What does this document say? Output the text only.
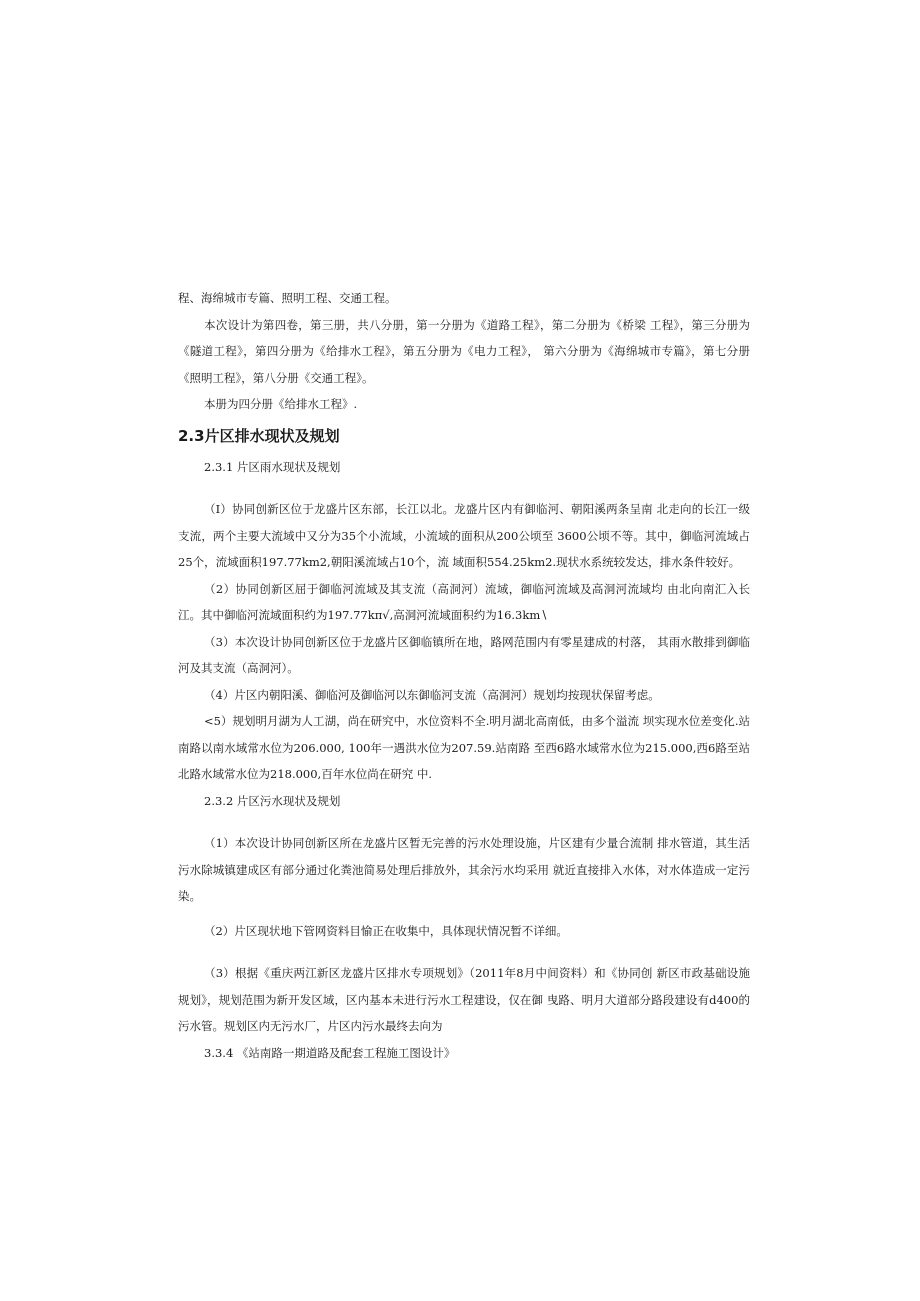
程、海绵城市专篇、照明工程、交通工程。

本次设计为第四卷，第三册，共八分册，第一分册为《道路工程》，第二分册为《桥梁 工程》，第三分册为《隧道工程》，第四分册为《给排水工程》，第五分册为《电力工程》， 第六分册为《海绵城市专篇》，第七分册《照明工程》，第八分册《交通工程》。

本册为四分册《给排水工程》.

2.3片区排水现状及规划
2.3.1 片区雨水现状及规划

（I）协同创新区位于龙盛片区东部，长江以北。龙盛片区内有御临河、朝阳溪两条呈南 北走向的长江一级支流，两个主要大流域中又分为35个小流域，小流域的面积从200公顷至 3600公顷不等。其中，御临河流域占25个，流域面积197.77km2,朝阳溪流域占10个，流 域面积554.25km2.现状水系统较发达，排水条件较好。

（2）协同创新区屈于御临河流域及其支流（高洞河）流域，御临河流域及高洞河流域均 由北向南汇入长江。其中御临河流域面积约为197.77kπ√,高洞河流域面积约为16.3km∖

（3）本次设计协同创新区位于龙盛片区御临镇所在地，路网范围内有零星建成的村落， 其雨水散排到御临河及其支流（高洞河）。

（4）片区内朝阳溪、御临河及御临河以东御临河支流（高洞河）规划均按现状保留考虑。

<5）规划明月湖为人工湖，尚在研究中，水位资料不全.明月湖北高南低，由多个溢流 坝实现水位差变化.站南路以南水域常水位为206.000, 100年一遇洪水位为207.59.站南路 至西6路水域常水位为215.000,西6路至站北路水域常水位为218.000,百年水位尚在研究 中.

2.3.2 片区污水现状及规划

（1）本次设计协同创新区所在龙盛片区暂无完善的污水处理设施，片区建有少量合流制 排水管道，其生活污水除城镇建成区有部分通过化粪池简易处理后排放外，其余污水均采用 就近直接排入水体，对水体造成一定污染。

（2）片区现状地下管网资料目愉正在收集中，具体现状情况暂不详细。

（3）根据《重庆两江新区龙盛片区排水专项规划》（2011年8月中间资料）和《协同创 新区市政基础设施规划》，规划范围为新开发区域，区内基本未进行污水工程建设，仅在御 曳路、明月大道部分路段建设有d400的污水管。规划区内无污水厂，片区内污水最终去向为

3.3.4 《站南路一期道路及配套工程施工图设计》
